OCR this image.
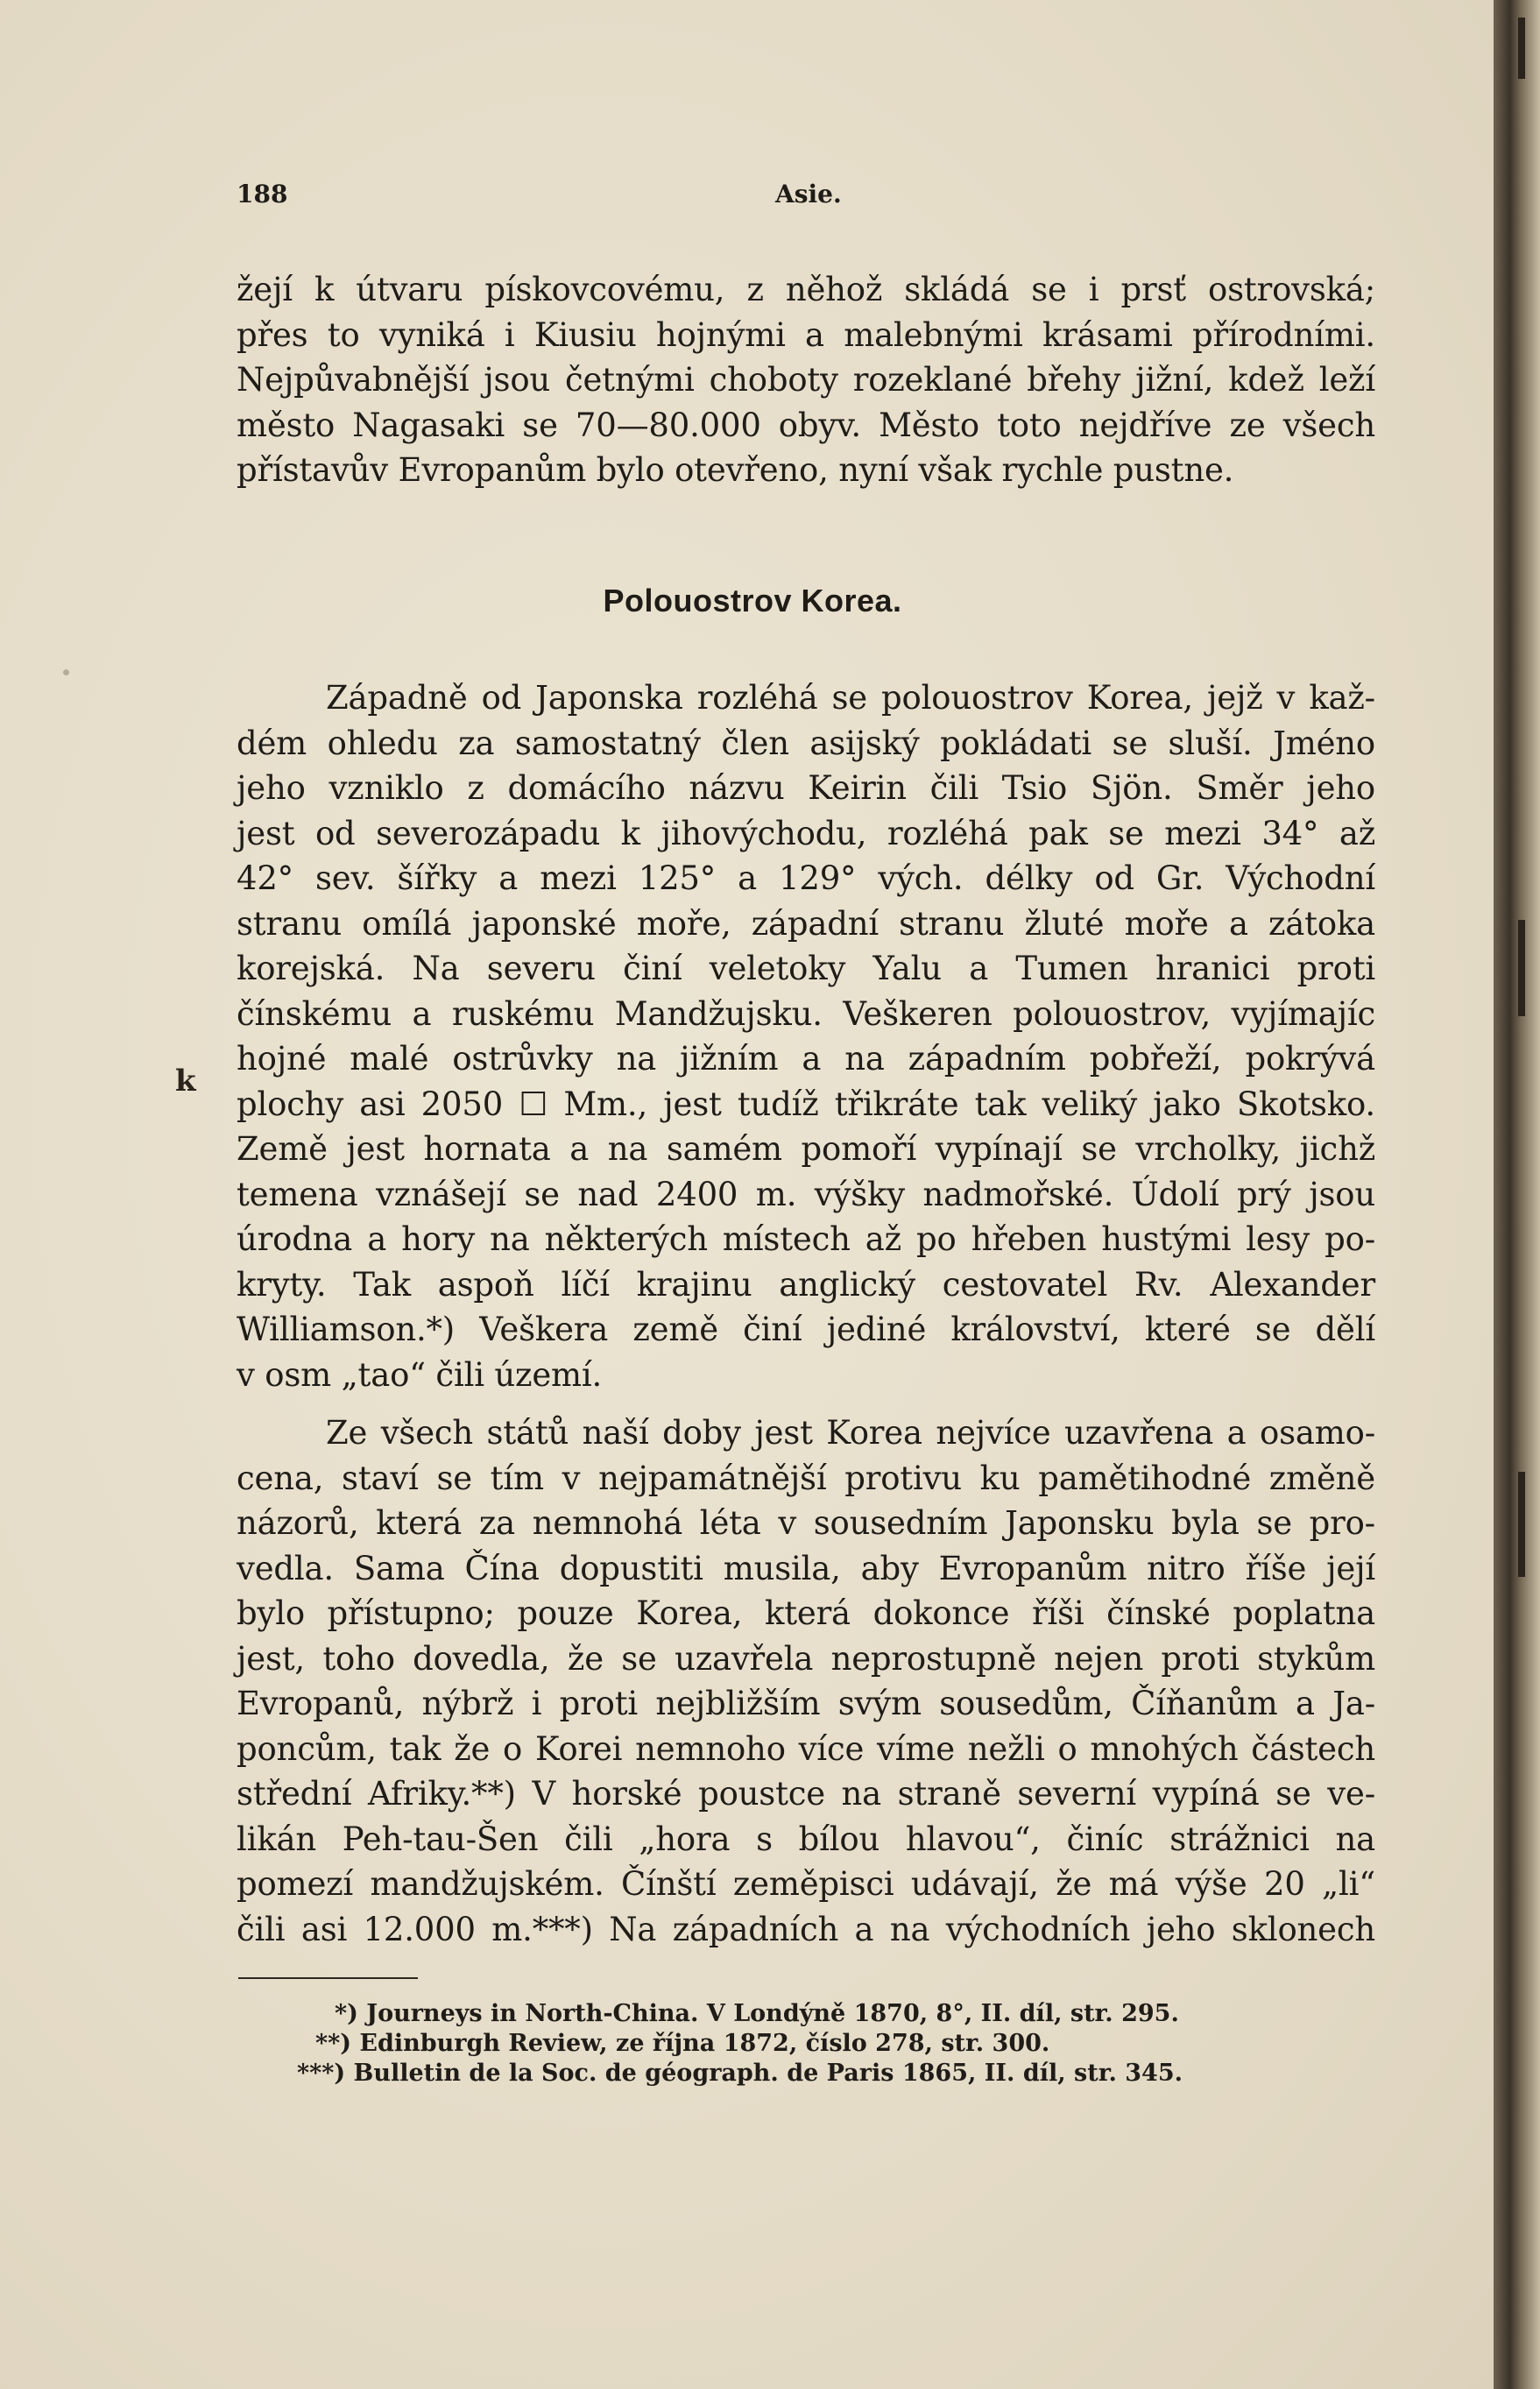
188	Asie.
žejí k útvaru pískovcovému, z něhož skládá se i prsť ostrovská;
přes to vyniká i Kiusiu hojnými a malebnými krásami přírodními.
Nejpůvabnější jsou četnými choboty rozeklané břehy jižní, kdež leží
město Nagasaki se 70—80.000 obyv. Město toto nejdříve ze všech
přístavův Evropanům bylo otevřeno, nyní však rychle pustne.
Polouostrov Korea.
Západně od Japonska rozléhá se polouostrov Korea, jejž v kaž-
dém ohledu za samostatný člen asijský pokládati se sluší. Jméno
jeho vzniklo z domácího názvu Keirin čili Tsio Sjön. Směr jeho
jest od severozápadu k jihovýchodu, rozléhá pak se mezi 34° až
42° sev. šířky a mezi 125° a 129° vých. délky od Gr. Východní
stranu omílá japonské moře, západní stranu žluté moře a zátoka
korejská. Na severu činí veletoky Yalu a Tumen hranici proti
čínskému a ruskému Mandžujsku. Veškeren polouostrov, vyjímajíc
hojné malé ostrůvky na jižním a na západním pobřeží, pokrývá
plochy asi 2050 ☐ Mm., jest tudíž třikráte tak veliký jako Skotsko.
Země jest hornata a na samém pomoří vypínají se vrcholky, jichž
temena vznášejí se nad 2400 m. výšky nadmořské. Údolí prý jsou
úrodna a hory na některých místech až po hřeben hustými lesy po-
kryty. Tak aspoň líčí krajinu anglický cestovatel Rv. Alexander
Williamson.*) Veškera země činí jediné království, které se dělí
v osm „tao“ čili území.
Ze všech států naší doby jest Korea nejvíce uzavřena a osamo-
cena, staví se tím v nejpamátnější protivu ku pamětihodné změně
názorů, která za nemnohá léta v sousedním Japonsku byla se pro-
vedla. Sama Čína dopustiti musila, aby Evropanům nitro říše její
bylo přístupno; pouze Korea, která dokonce říši čínské poplatna
jest, toho dovedla, že se uzavřela neprostupně nejen proti stykům
Evropanů, nýbrž i proti nejbližším svým sousedům, Číňanům a Ja-
poncům, tak že o Korei nemnoho více víme nežli o mnohých částech
střední Afriky.**) V horské poustce na straně severní vypíná se ve-
likán Peh-tau-Šen čili „hora s bílou hlavou“, činíc strážnici na
pomezí mandžujském. Čínští zeměpisci udávají, že má výše 20 „li“
čili asi 12.000 m.***) Na západních a na východních jeho sklonech
k
*) Journeys in North-China. V Londýně 1870, 8°, II. díl, str. 295.
**) Edinburgh Review, ze října 1872, číslo 278, str. 300.
***) Bulletin de la Soc. de géograph. de Paris 1865, II. díl, str. 345.
